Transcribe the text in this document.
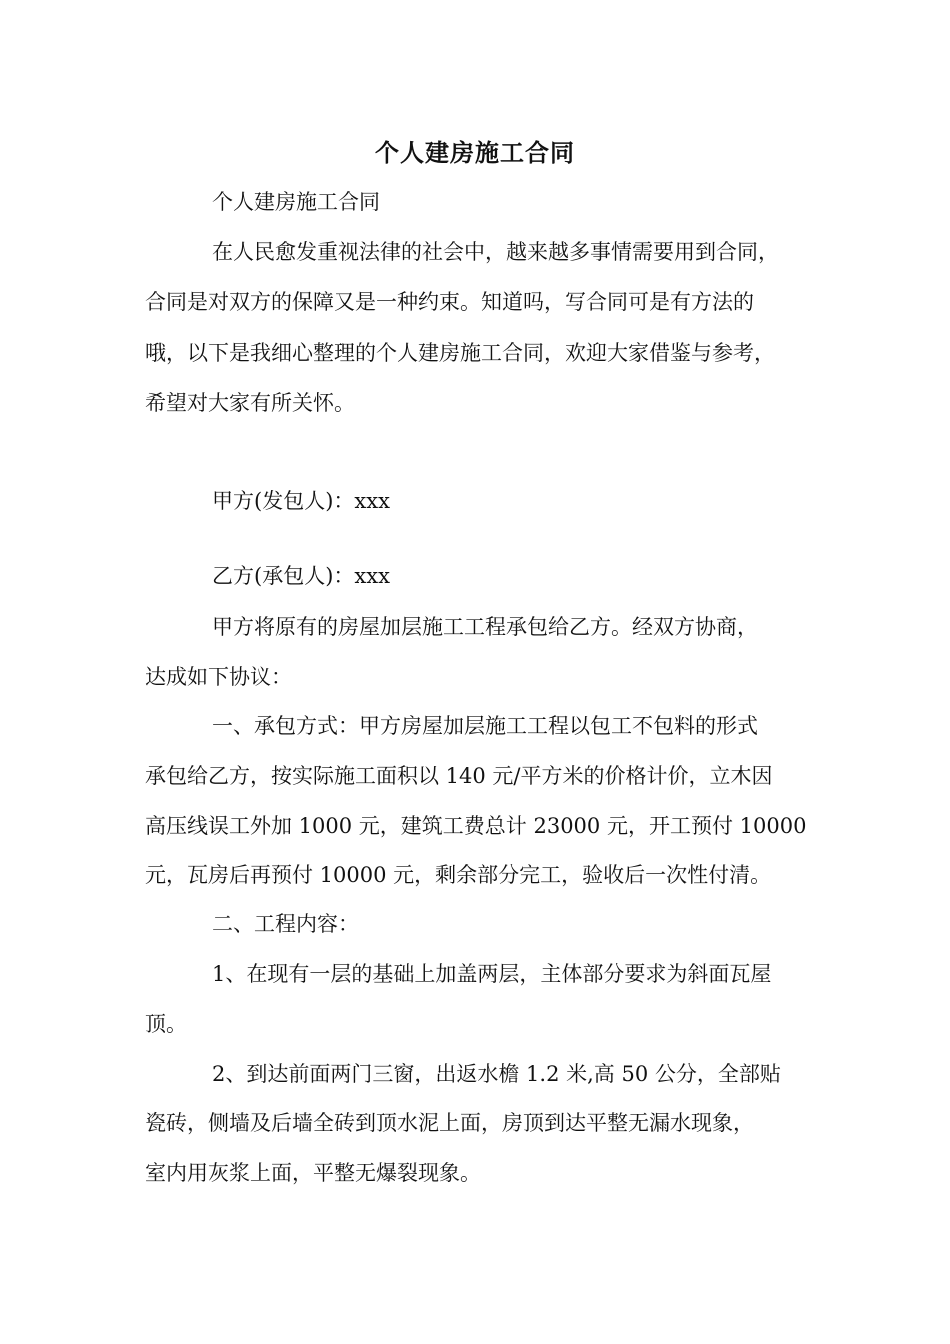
个人建房施工合同

个人建房施工合同

在人民愈发重视法律的社会中，越来越多事情需要用到合同，

合同是对双方的保障又是一种约束。知道吗，写合同可是有方法的

哦，以下是我细心整理的个人建房施工合同，欢迎大家借鉴与参考，

希望对大家有所关怀。

甲方(发包人)：xxx

乙方(承包人)：xxx

甲方将原有的房屋加层施工工程承包给乙方。经双方协商，

达成如下协议：

一、承包方式：甲方房屋加层施工工程以包工不包料的形式

承包给乙方，按实际施工面积以 140 元/平方米的价格计价，立木因

高压线误工外加 1000 元，建筑工费总计 23000 元，开工预付 10000

元，瓦房后再预付 10000 元，剩余部分完工，验收后一次性付清。

二、工程内容：

1、在现有一层的基础上加盖两层，主体部分要求为斜面瓦屋

顶。

2、到达前面两门三窗，出返水檐 1.2 米,高 50 公分，全部贴

瓷砖，侧墙及后墙全砖到顶水泥上面，房顶到达平整无漏水现象，

室内用灰浆上面，平整无爆裂现象。
